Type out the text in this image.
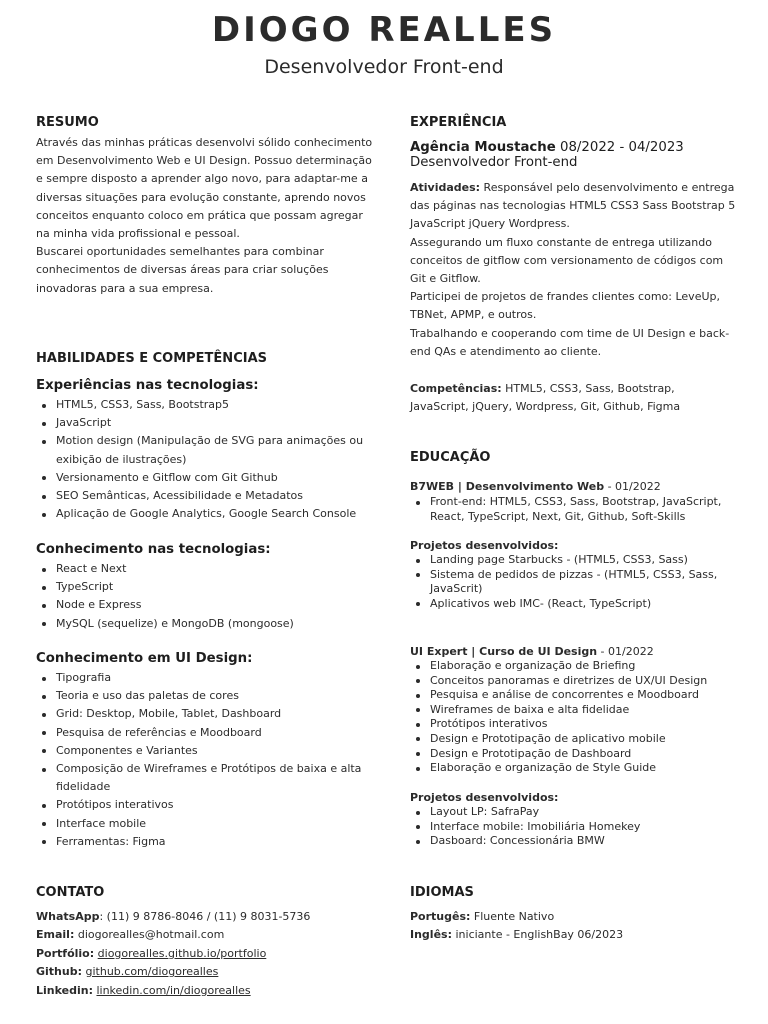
DIOGO REALLES
Desenvolvedor Front-end
RESUMO
Através das minhas práticas desenvolvi sólido conhecimento em Desenvolvimento Web e UI Design. Possuo determinação e sempre disposto a aprender algo novo, para adaptar-me a diversas situações para evolução constante, aprendo novos conceitos enquanto coloco em prática que possam agregar na minha vida profissional e pessoal.
Buscarei oportunidades semelhantes para combinar conhecimentos de diversas áreas para criar soluções inovadoras para a sua empresa.
HABILIDADES E COMPETÊNCIAS
Experiências nas tecnologias:
HTML5, CSS3, Sass, Bootstrap5
JavaScript
Motion design (Manipulação de SVG para animações ou exibição de ilustrações)
Versionamento e Gitflow com Git Github
SEO Semânticas, Acessibilidade e Metadatos
Aplicação de Google Analytics, Google Search Console
Conhecimento nas tecnologias:
React e Next
TypeScript
Node e Express
MySQL (sequelize) e MongoDB (mongoose)
Conhecimento em UI Design:
Tipografia
Teoria e uso das paletas de cores
Grid: Desktop, Mobile, Tablet, Dashboard
Pesquisa de referências e Moodboard
Componentes e Variantes
Composição de Wireframes e Protótipos de baixa e alta fidelidade
Protótipos interativos
Interface mobile
Ferramentas: Figma
CONTATO
WhatsApp: (11) 9 8786-8046 / (11) 9 8031-5736
Email: diogorealles@hotmail.com
Portfólio: diogorealles.github.io/portfolio
Github: github.com/diogorealles
Linkedin: linkedin.com/in/diogorealles
EXPERIÊNCIA
Agência Moustache 08/2022 - 04/2023
Desenvolvedor Front-end
Atividades: Responsável pelo desenvolvimento e entrega das páginas nas tecnologias HTML5 CSS3 Sass Bootstrap 5 JavaScript jQuery Wordpress.
Assegurando um fluxo constante de entrega utilizando conceitos de gitflow com versionamento de códigos com Git e Gitflow.
Participei de projetos de frandes clientes como: LeveUp, TBNet, APMP, e outros.
Trabalhando e cooperando com time de UI Design e back-end QAs e atendimento ao cliente.
Competências: HTML5, CSS3, Sass, Bootstrap, JavaScript, jQuery, Wordpress, Git, Github, Figma
EDUCAÇÃO
B7WEB | Desenvolvimento Web - 01/2022
Front-end: HTML5, CSS3, Sass, Bootstrap, JavaScript, React, TypeScript, Next, Git, Github, Soft-Skills
Projetos desenvolvidos:
Landing page Starbucks - (HTML5, CSS3, Sass)
Sistema de pedidos de pizzas - (HTML5, CSS3, Sass, JavaScrit)
Aplicativos web IMC- (React, TypeScript)
UI Expert | Curso de UI Design - 01/2022
Elaboração e organização de Briefing
Conceitos panoramas e diretrizes de UX/UI Design
Pesquisa e análise de concorrentes e Moodboard
Wireframes de baixa e alta fidelidae
Protótipos interativos
Design e Prototipação de aplicativo mobile
Design e Prototipação de Dashboard
Elaboração e organização de Style Guide
Projetos desenvolvidos:
Layout LP: SafraPay
Interface mobile: Imobiliária Homekey
Dasboard: Concessionária BMW
IDIOMAS
Portugês: Fluente Nativo
Inglês: iniciante - EnglishBay 06/2023
